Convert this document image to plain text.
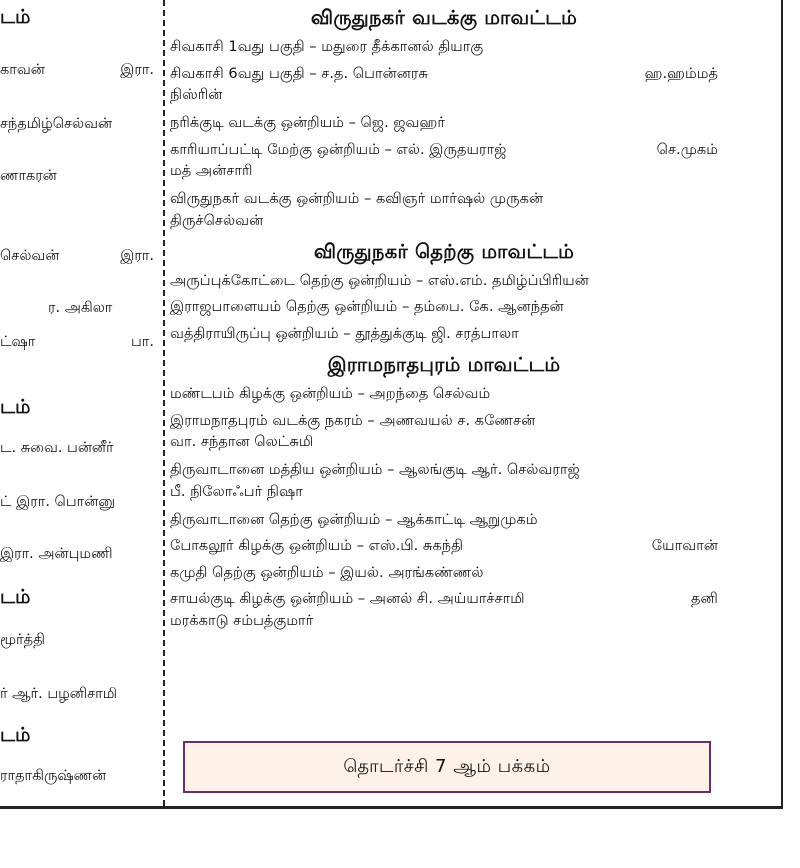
டம்
காவன்	இரா.
சந்தமிழ்செல்வன்
ணாகரன்
செல்வன்	இரா.
ர. அகிலா
ட்ஷா	பா.
டம்
ட. சுவை. பன்னீர்
ட் இரா. பொன்னு
இரா. அன்புமணி
டம்
மூர்த்தி
ர் ஆர். பழனிசாமி
டம்
ராதாகிருஷ்ணன்
விருதுநகர் வடக்கு மாவட்டம்
சிவகாசி 1வது பகுதி – மதுரை தீக்கானல் தியாகு
சிவகாசி 6வது பகுதி – ச.த. பொன்னரசு	ஹ.ஹம்மத்
நிஸ்ரின்
நரிக்குடி வடக்கு ஒன்றியம் – ஜெ. ஜவஹர்
காரியாப்பட்டி மேற்கு ஒன்றியம் – எல். இருதயராஜ்	செ.முகம்
மத் அன்சாரி
விருதுநகர் வடக்கு ஒன்றியம் – கவிஞர் மார்ஷல் முருகன்
திருச்செல்வன்
விருதுநகர் தெற்கு மாவட்டம்
அருப்புக்கோட்டை தெற்கு ஒன்றியம் – எஸ்.எம். தமிழ்ப்பிரியன்
இராஜபாளையம் தெற்கு ஒன்றியம் – தம்பை. கே. ஆனந்தன்
வத்திராயிருப்பு ஒன்றியம் – தூத்துக்குடி ஜி. சரத்பாலா
இராமநாதபுரம் மாவட்டம்
மண்டபம் கிழக்கு ஒன்றியம் – அறந்தை செல்வம்
இராமநாதபுரம் வடக்கு நகரம் – அணவயல் ச. கணேசன்
வா. சந்தான லெட்சுமி
திருவாடானை மத்திய ஒன்றியம் – ஆலங்குடி ஆர். செல்வராஜ்
பீ. நிலோஃபர் நிஷா
திருவாடானை தெற்கு ஒன்றியம் – ஆக்காட்டி ஆறுமுகம்
போகலூர் கிழக்கு ஒன்றியம் – எஸ்.பி. சுகந்தி	யோவான்
கமுதி தெற்கு ஒன்றியம் – இயல். அரங்கண்ணல்
சாயல்குடி கிழக்கு ஒன்றியம் – அனல் சி. அய்யாச்சாமி	தனி
மரக்காடு சம்பத்குமார்
தொடர்ச்சி 7 ஆம் பக்கம்
